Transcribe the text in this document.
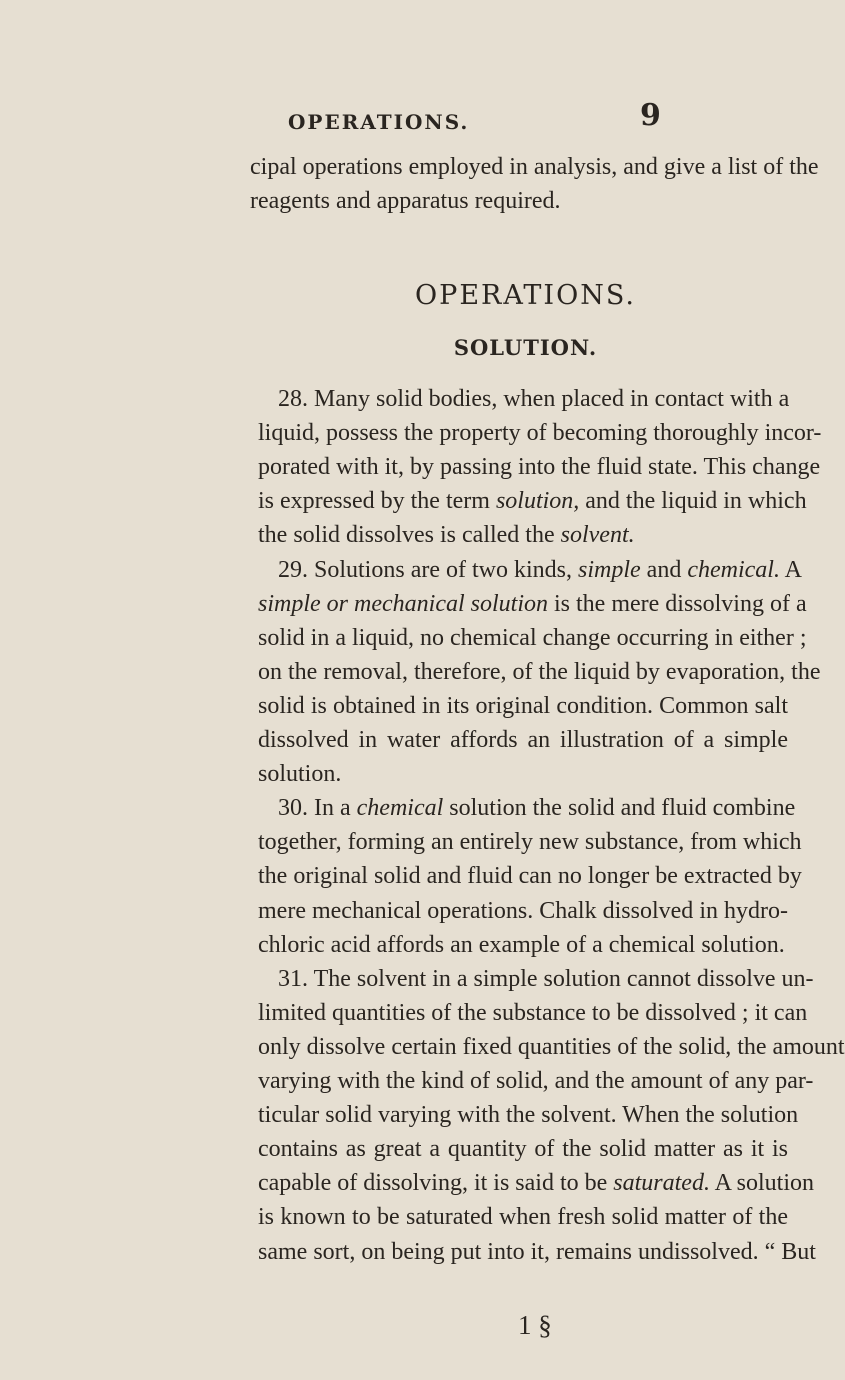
OPERATIONS.	9
cipal operations employed in analysis, and give a list of the
reagents and apparatus required.
OPERATIONS.
SOLUTION.
28. Many solid bodies, when placed in contact with a
liquid, possess the property of becoming thoroughly incor-
porated with it, by passing into the fluid state. This change
is expressed by the term solution, and the liquid in which
the solid dissolves is called the solvent.
29. Solutions are of two kinds, simple and chemical. A
simple or mechanical solution is the mere dissolving of a
solid in a liquid, no chemical change occurring in either ;
on the removal, therefore, of the liquid by evaporation, the
solid is obtained in its original condition. Common salt
dissolved in water affords an illustration of a simple
solution.
30. In a chemical solution the solid and fluid combine
together, forming an entirely new substance, from which
the original solid and fluid can no longer be extracted by
mere mechanical operations. Chalk dissolved in hydro-
chloric acid affords an example of a chemical solution.
31. The solvent in a simple solution cannot dissolve un-
limited quantities of the substance to be dissolved ; it can
only dissolve certain fixed quantities of the solid, the amount
varying with the kind of solid, and the amount of any par-
ticular solid varying with the solvent. When the solution
contains as great a quantity of the solid matter as it is
capable of dissolving, it is said to be saturated. A solution
is known to be saturated when fresh solid matter of the
same sort, on being put into it, remains undissolved. “ But
1 §
